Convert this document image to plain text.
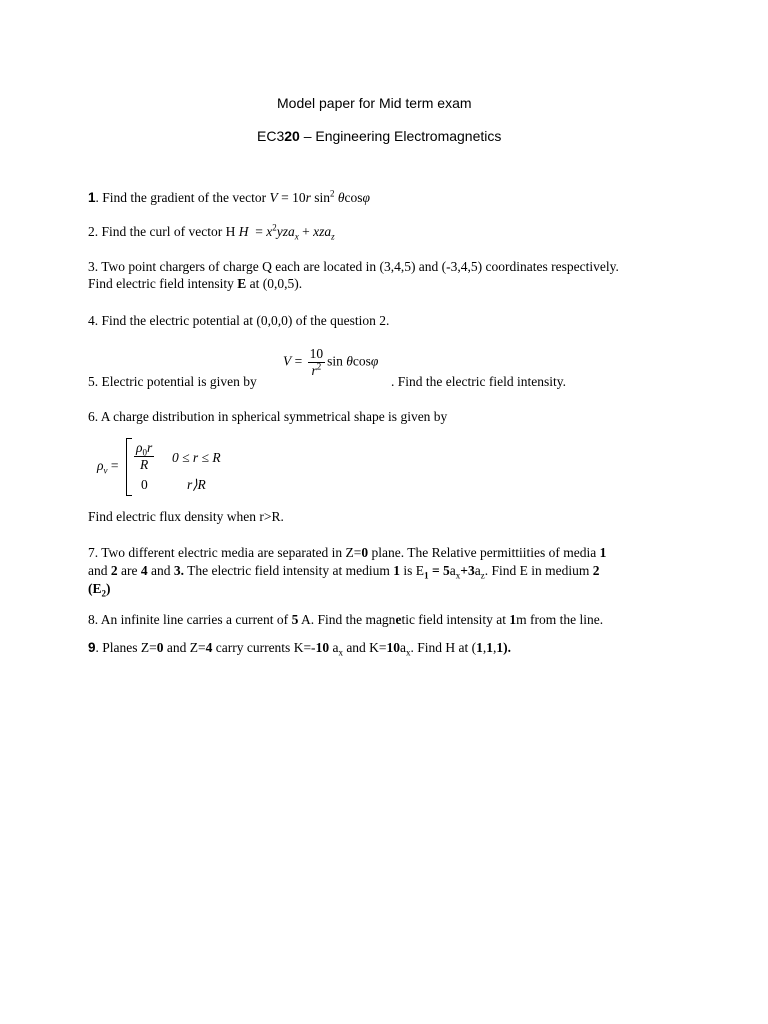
Model paper for Mid term exam
EC320 – Engineering Electromagnetics
1. Find the gradient of the vector V = 10r $\sin^2 \theta\cos\varphi$
2. Find the curl of vector H $H = x^2yza_x + xza_z$
3. Two point chargers of charge Q each are located in (3,4,5) and (-3,4,5) coordinates respectively.
Find electric field intensity E at (0,0,5).
4. Find the electric potential at (0,0,0) of the question 2.
$V = \frac{10}{r^2}$ sin θcosφ
5. Electric potential is given by	. Find the electric field intensity.
6. A charge distribution in spherical symmetrical shape is given by
$\rho_v = \frac{\rho_0r}{R} 0 \le r \le R$
0	r⟩R
Find electric flux density when r>R.
7. Two different electric media are separated in Z=0 plane. The Relative permittiities of media 1
and 2 are 4 and 3. The electric field intensity at medium 1 is $E_1 = 5a_x+3a_z$. Find E in medium 2
$(E_2)$
8. An infinite line carries a current of 5 A. Find the magnetic field intensity at 1m from the line.
9. Planes Z=0 and Z=4 carry currents K=-10 $a_x$ and $K=10a_x$. Find H at (1,1,1).
